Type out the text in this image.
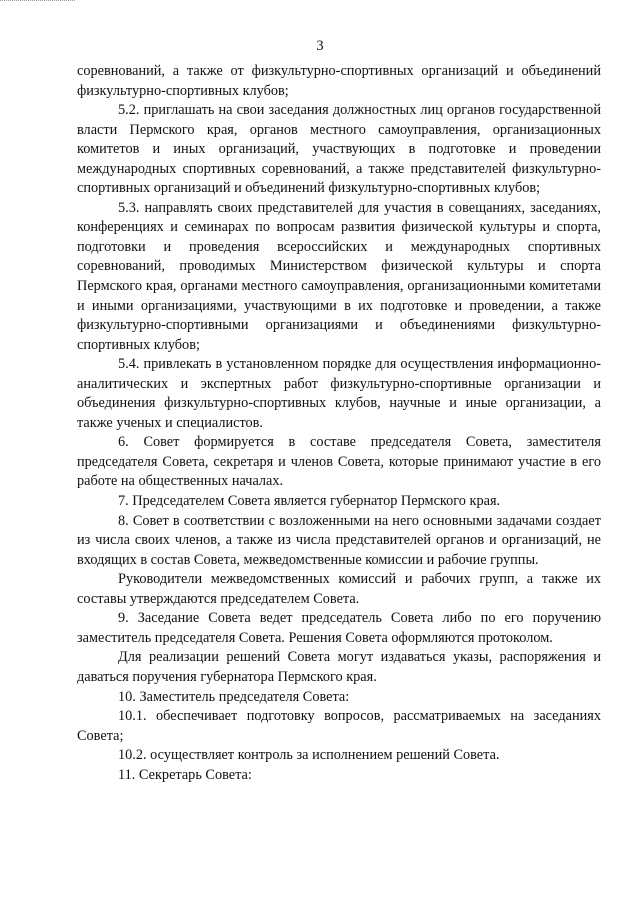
3

соревнований, а также от физкультурно-спортивных организаций и объединений физкультурно-спортивных клубов;

5.2. приглашать на свои заседания должностных лиц органов государственной власти Пермского края, органов местного самоуправления, организационных комитетов и иных организаций, участвующих в подготовке и проведении международных спортивных соревнований, а также представителей физкультурно-спортивных организаций и объединений физкультурно-спортивных клубов;

5.3. направлять своих представителей для участия в совещаниях, заседаниях, конференциях и семинарах по вопросам развития физической культуры и спорта, подготовки и проведения всероссийских и международных спортивных соревнований, проводимых Министерством физической культуры и спорта Пермского края, органами местного самоуправления, организационными комитетами и иными организациями, участвующими в их подготовке и проведении, а также физкультурно-спортивными организациями и объединениями физкультурно-спортивных клубов;

5.4. привлекать в установленном порядке для осуществления информационно-аналитических и экспертных работ физкультурно-спортивные организации и объединения физкультурно-спортивных клубов, научные и иные организации, а также ученых и специалистов.

6. Совет формируется в составе председателя Совета, заместителя председателя Совета, секретаря и членов Совета, которые принимают участие в его работе на общественных началах.

7. Председателем Совета является губернатор Пермского края.

8. Совет в соответствии с возложенными на него основными задачами создает из числа своих членов, а также из числа представителей органов и организаций, не входящих в состав Совета, межведомственные комиссии и рабочие группы.

Руководители межведомственных комиссий и рабочих групп, а также их составы утверждаются председателем Совета.

9. Заседание Совета ведет председатель Совета либо по его поручению заместитель председателя Совета. Решения Совета оформляются протоколом.

Для реализации решений Совета могут издаваться указы, распоряжения и даваться поручения губернатора Пермского края.

10. Заместитель председателя Совета:

10.1. обеспечивает подготовку вопросов, рассматриваемых на заседаниях Совета;

10.2. осуществляет контроль за исполнением решений Совета.

11. Секретарь Совета:
